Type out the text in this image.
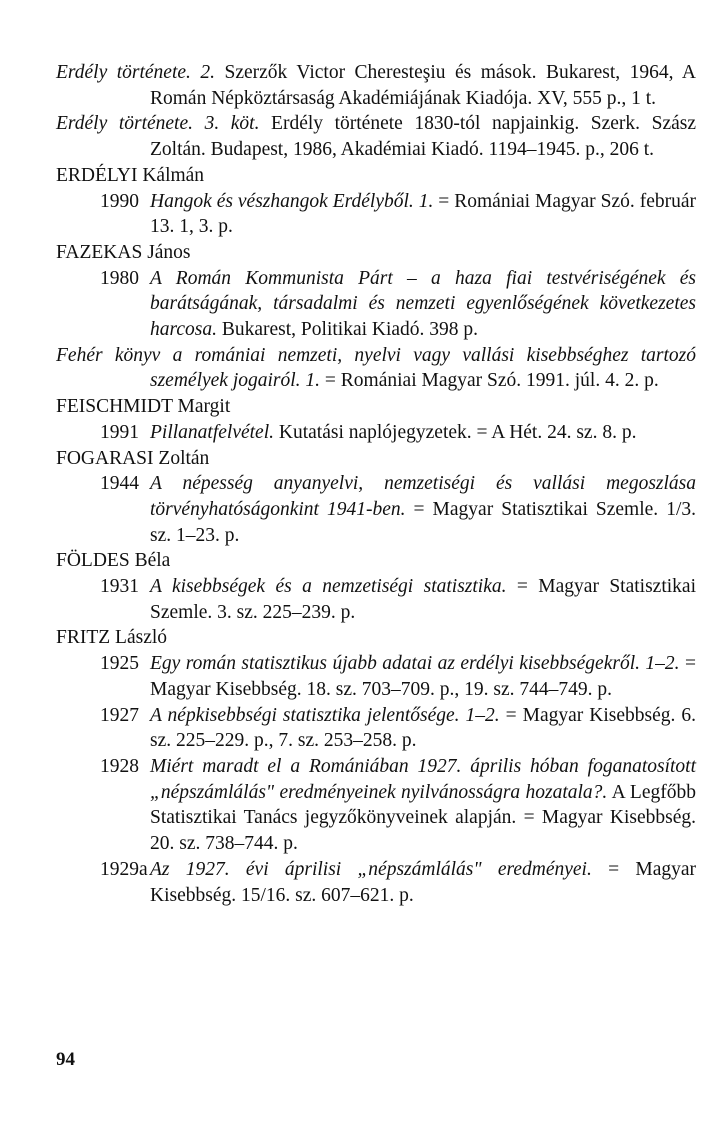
Erdély története. 2. Szerzők Victor Cheresteşiu és mások. Bukarest, 1964, A Román Népköztársaság Akadémiájának Kiadója. XV, 555 p., 1 t.

Erdély története. 3. köt. Erdély története 1830-tól napjainkig. Szerk. Szász Zoltán. Budapest, 1986, Akadémiai Kiadó. 1194–1945. p., 206 t.

ERDÉLYI Kálmán

1990 Hangok és vészhangok Erdélyből. 1. = Romániai Magyar Szó. február 13. 1, 3. p.

FAZEKAS János

1980 A Román Kommunista Párt – a haza fiai testvériségének és barátságának, társadalmi és nemzeti egyenlőségének következetes harcosa. Bukarest, Politikai Kiadó. 398 p.

Fehér könyv a romániai nemzeti, nyelvi vagy vallási kisebbséghez tartozó személyek jogairól. 1. = Romániai Magyar Szó. 1991. júl. 4. 2. p.

FEISCHMIDT Margit

1991 Pillanatfelvétel. Kutatási naplójegyzetek. = A Hét. 24. sz. 8. p.

FOGARASI Zoltán

1944 A népesség anyanyelvi, nemzetiségi és vallási megoszlása törvényhatóságonkint 1941-ben. = Magyar Statisztikai Szemle. 1/3. sz. 1–23. p.

FÖLDES Béla

1931 A kisebbségek és a nemzetiségi statisztika. = Magyar Statisztikai Szemle. 3. sz. 225–239. p.

FRITZ László

1925 Egy román statisztikus újabb adatai az erdélyi kisebbségekről. 1–2. = Magyar Kisebbség. 18. sz. 703–709. p., 19. sz. 744–749. p.

1927 A népkisebbségi statisztika jelentősége. 1–2. = Magyar Kisebbség. 6. sz. 225–229. p., 7. sz. 253–258. p.

1928 Miért maradt el a Romániában 1927. április hóban foganatosított „népszámlálás" eredményeinek nyilvánosságra hozatala?. A Legfőbb Statisztikai Tanács jegyzőkönyveinek alapján. = Magyar Kisebbség. 20. sz. 738–744. p.

1929a Az 1927. évi áprilisi „népszámlálás" eredményei. = Magyar Kisebbség. 15/16. sz. 607–621. p.

94
